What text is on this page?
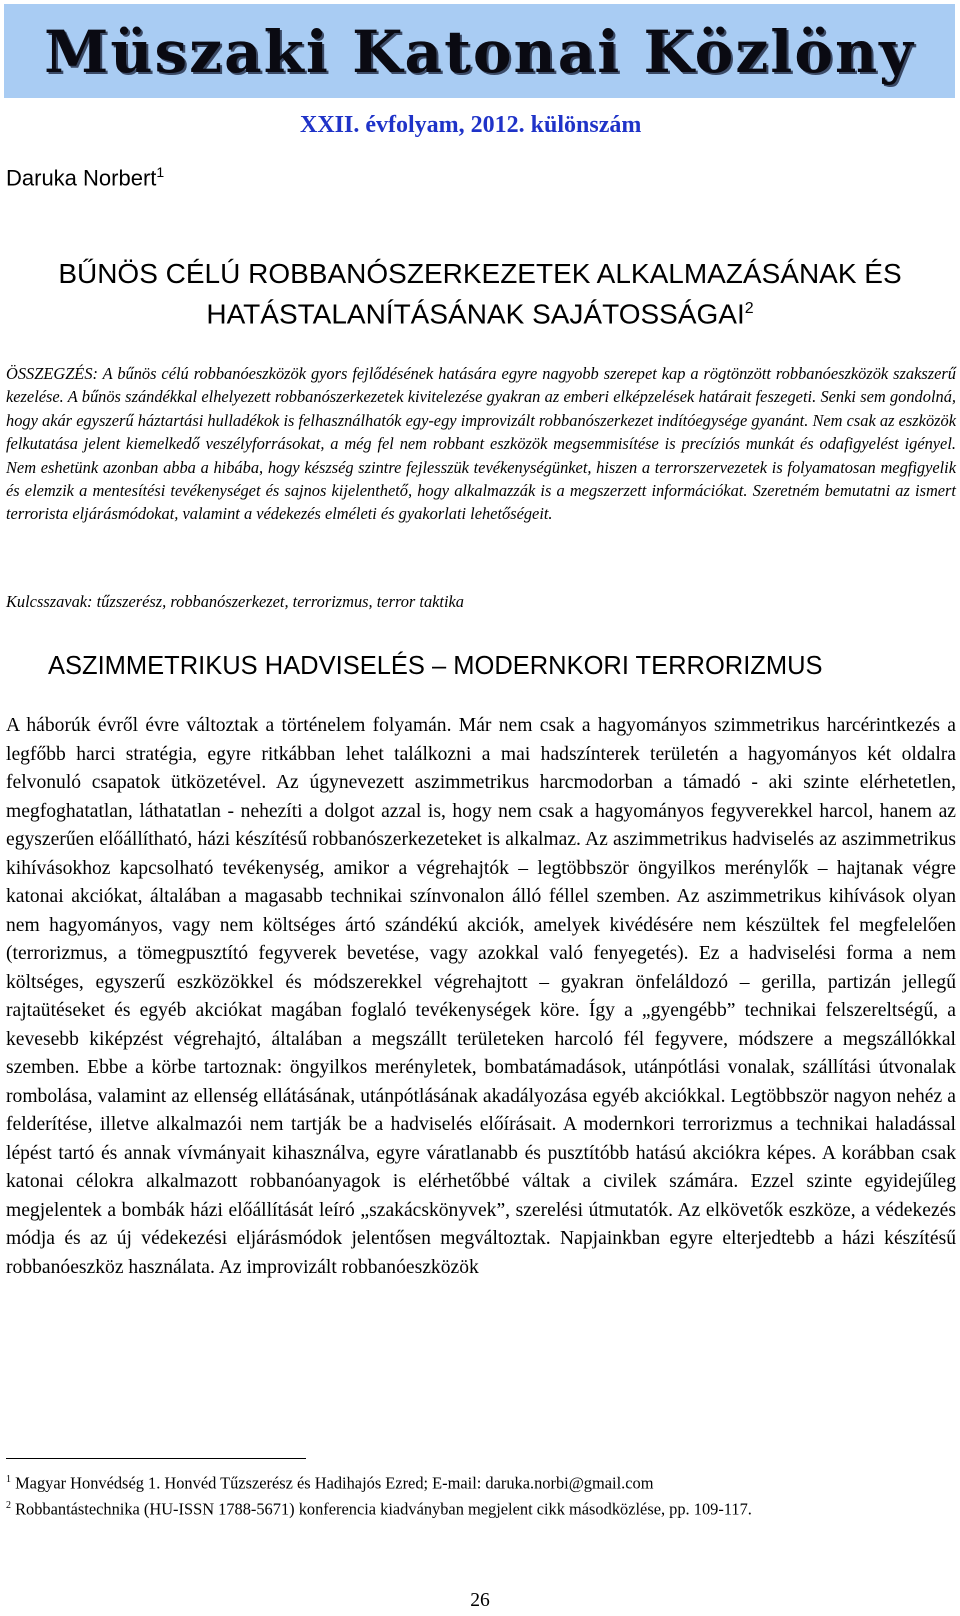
Müszaki Katonai Közlöny
XXII. évfolyam, 2012. különszám
Daruka Norbert$^1$
BŰNÖS CÉLÚ ROBBANÓSZERKEZETEK ALKALMAZÁSÁNAK ÉS
HATÁSTALANÍTÁSÁNAK SAJÁTOSSÁGAI$^2$

ÖSSZEGZÉS: A bűnös célú robbanóeszközök gyors fejlődésének hatására egyre nagyobb szerepet kap a rögtönzött robbanóeszközök szakszerű kezelése. A bűnös szándékkal elhelyezett robbanószerkezetek kivitelezése gyakran az emberi elképzelések határait feszegeti. Senki sem gondolná, hogy akár egyszerű háztartási hulladékok is felhasználhatók egy-egy improvizált robbanószerkezet indítóegysége gyanánt. Nem csak az eszközök felkutatása jelent kiemelkedő veszélyforrásokat, a még fel nem robbant eszközök megsemmisítése is precíziós munkát és odafigyelést igényel. Nem eshetünk azonban abba a hibába, hogy készség szintre fejlesszük tevékenységünket, hiszen a terrorszervezetek is folyamatosan megfigyelik és elemzik a mentesítési tevékenységet és sajnos kijelenthető, hogy alkalmazzák is a megszerzett információkat. Szeretném bemutatni az ismert terrorista eljárásmódokat, valamint a védekezés elméleti és gyakorlati lehetőségeit.

Kulcsszavak: tűzszerész, robbanószerkezet, terrorizmus, terror taktika
ASZIMMETRIKUS HADVISELÉS – MODERNKORI TERRORIZMUS

A háborúk évről évre változtak a történelem folyamán. Már nem csak a hagyományos szimmetrikus harcérintkezés a legfőbb harci stratégia, egyre ritkábban lehet találkozni a mai hadszínterek területén a hagyományos két oldalra felvonuló csapatok ütközetével. Az úgynevezett aszimmetrikus harcmodorban a támadó - aki szinte elérhetetlen, megfoghatatlan, láthatatlan - nehezíti a dolgot azzal is, hogy nem csak a hagyományos fegyverekkel harcol, hanem az egyszerűen előállítható, házi készítésű robbanószerkezeteket is alkalmaz. Az aszimmetrikus hadviselés az aszimmetrikus kihívásokhoz kapcsolható tevékenység, amikor a végrehajtók – legtöbbször öngyilkos merénylők – hajtanak végre katonai akciókat, általában a magasabb technikai színvonalon álló féllel szemben. Az aszimmetrikus kihívások olyan nem hagyományos, vagy nem költséges ártó szándékú akciók, amelyek kivédésére nem készültek fel megfelelően (terrorizmus, a tömegpusztító fegyverek bevetése, vagy azokkal való fenyegetés). Ez a hadviselési forma a nem költséges, egyszerű eszközökkel és módszerekkel végrehajtott – gyakran önfeláldozó – gerilla, partizán jellegű rajtaütéseket és egyéb akciókat magában foglaló tevékenységek köre. Így a „gyengébb” technikai felszereltségű, a kevesebb kiképzést végrehajtó, általában a megszállt területeken harcoló fél fegyvere, módszere a megszállókkal szemben. Ebbe a körbe tartoznak: öngyilkos merényletek, bombatámadások, utánpótlási vonalak, szállítási útvonalak rombolása, valamint az ellenség ellátásának, utánpótlásának akadályozása egyéb akciókkal. Legtöbbször nagyon nehéz a felderítése, illetve alkalmazói nem tartják be a hadviselés előírásait. A modernkori terrorizmus a technikai haladással lépést tartó és annak vívmányait kihasználva, egyre váratlanabb és pusztítóbb hatású akciókra képes. A korábban csak katonai célokra alkalmazott robbanóanyagok is elérhetőbbé váltak a civilek számára. Ezzel szinte egyidejűleg megjelentek a bombák házi előállítását leíró „szakácskönyvek”, szerelési útmutatók. Az elkövetők eszköze, a védekezés módja és az új védekezési eljárásmódok jelentősen megváltoztak. Napjainkban egyre elterjedtebb a házi készítésű robbanóeszköz használata. Az improvizált robbanóeszközök

$^1$ Magyar Honvédség 1. Honvéd Tűzszerész és Hadihajós Ezred; E-mail: daruka.norbi@gmail.com

$^2$ Robbantástechnika (HU-ISSN 1788-5671) konferencia kiadványban megjelent cikk másodközlése, pp. 109-117.

26
